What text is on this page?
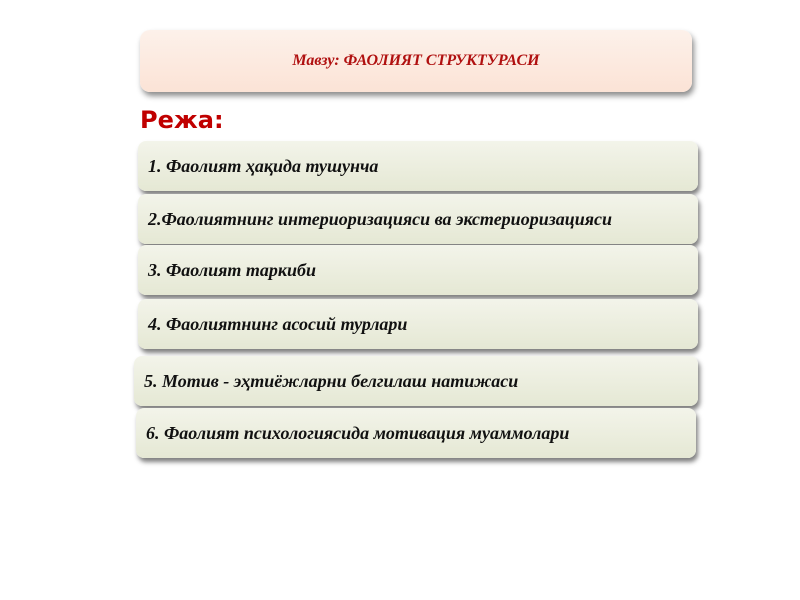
Мавзу: ФАОЛИЯТ СТРУКТУРАСИ
Режа:
1. Фаолият ҳақида тушунча
2.Фаолиятнинг интериоризацияси ва экстериоризацияси
3. Фаолият таркиби
4. Фаолиятнинг асосий турлари
5. Мотив - эҳтиёжларни белгилаш натижаси
6. Фаолият психологиясида мотивация муаммолари
